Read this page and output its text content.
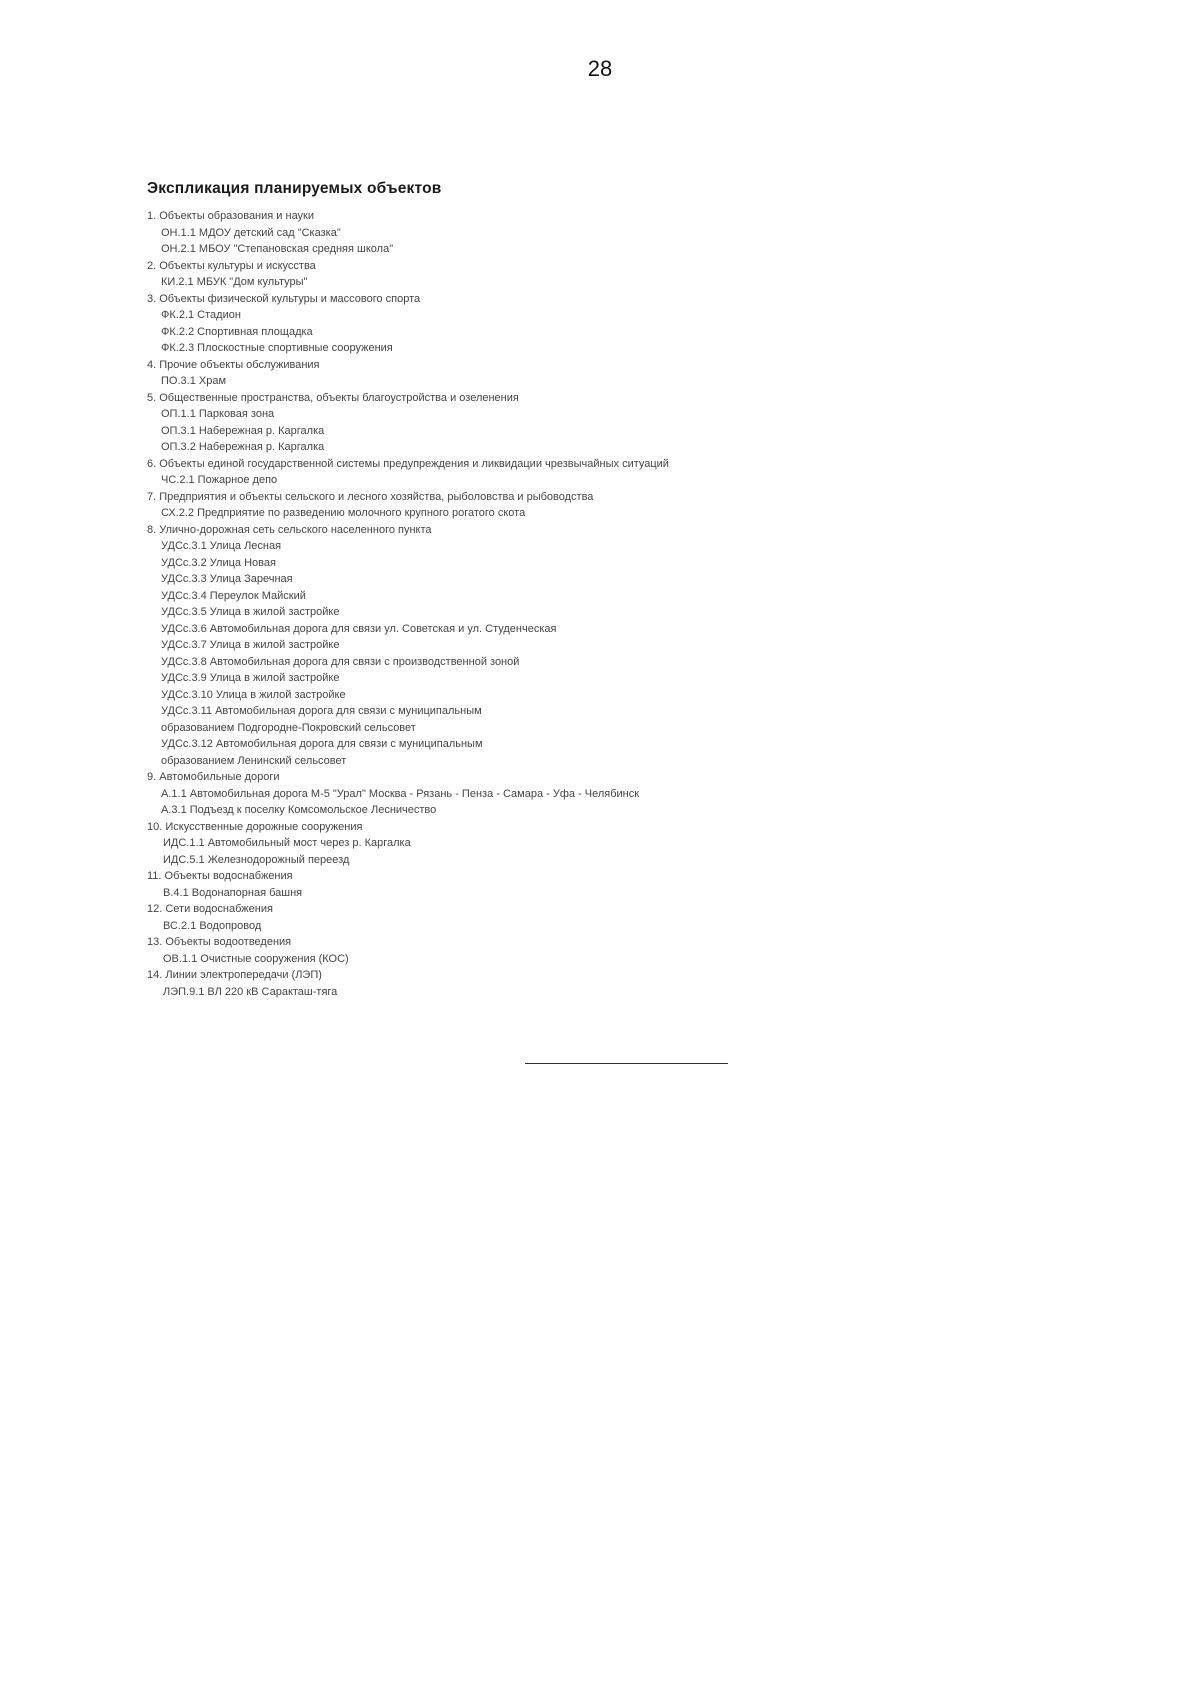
28
Экспликация планируемых объектов
1. Объекты образования и науки
ОН.1.1 МДОУ детский сад "Сказка"
ОН.2.1 МБОУ "Степановская средняя школа"
2. Объекты культуры и искусства
КИ.2.1 МБУК "Дом культуры"
3. Объекты физической культуры и массового спорта
ФК.2.1 Стадион
ФК.2.2 Спортивная площадка
ФК.2.3 Плоскостные спортивные сооружения
4. Прочие объекты обслуживания
ПО.3.1 Храм
5. Общественные пространства, объекты благоустройства и озеленения
ОП.1.1 Парковая зона
ОП.3.1 Набережная р. Каргалка
ОП.3.2 Набережная р. Каргалка
6. Объекты единой государственной системы предупреждения и ликвидации чрезвычайных ситуаций
ЧС.2.1 Пожарное депо
7. Предприятия и объекты сельского и лесного хозяйства, рыболовства и рыбоводства
СХ.2.2 Предприятие по разведению молочного крупного рогатого скота
8. Улично-дорожная сеть сельского населенного пункта
УДСс.3.1 Улица Лесная
УДСс.3.2 Улица Новая
УДСс.3.3 Улица Заречная
УДСс.3.4 Переулок Майский
УДСс.3.5 Улица в жилой застройке
УДСс.3.6 Автомобильная дорога для связи ул. Советская и ул. Студенческая
УДСс.3.7 Улица в жилой застройке
УДСс.3.8 Автомобильная дорога для связи с производственной зоной
УДСс.3.9 Улица в жилой застройке
УДСс.3.10 Улица в жилой застройке
УДСс.3.11 Автомобильная дорога для связи с муниципальным
образованием Подгородне-Покровский сельсовет
УДСс.3.12 Автомобильная дорога для связи с муниципальным
образованием Ленинский сельсовет
9. Автомобильные дороги
А.1.1 Автомобильная дорога М-5 "Урал" Москва - Рязань - Пенза - Самара - Уфа - Челябинск
А.3.1 Подъезд к поселку Комсомольское Лесничество
10. Искусственные дорожные сооружения
ИДС.1.1 Автомобильный мост через р. Каргалка
ИДС.5.1 Железнодорожный переезд
11. Объекты водоснабжения
В.4.1 Водонапорная башня
12. Сети водоснабжения
ВС.2.1 Водопровод
13. Объекты водоотведения
ОВ.1.1 Очистные сооружения (КОС)
14. Линии электропередачи (ЛЭП)
ЛЭП.9.1 ВЛ 220 кВ Саракташ-тяга
